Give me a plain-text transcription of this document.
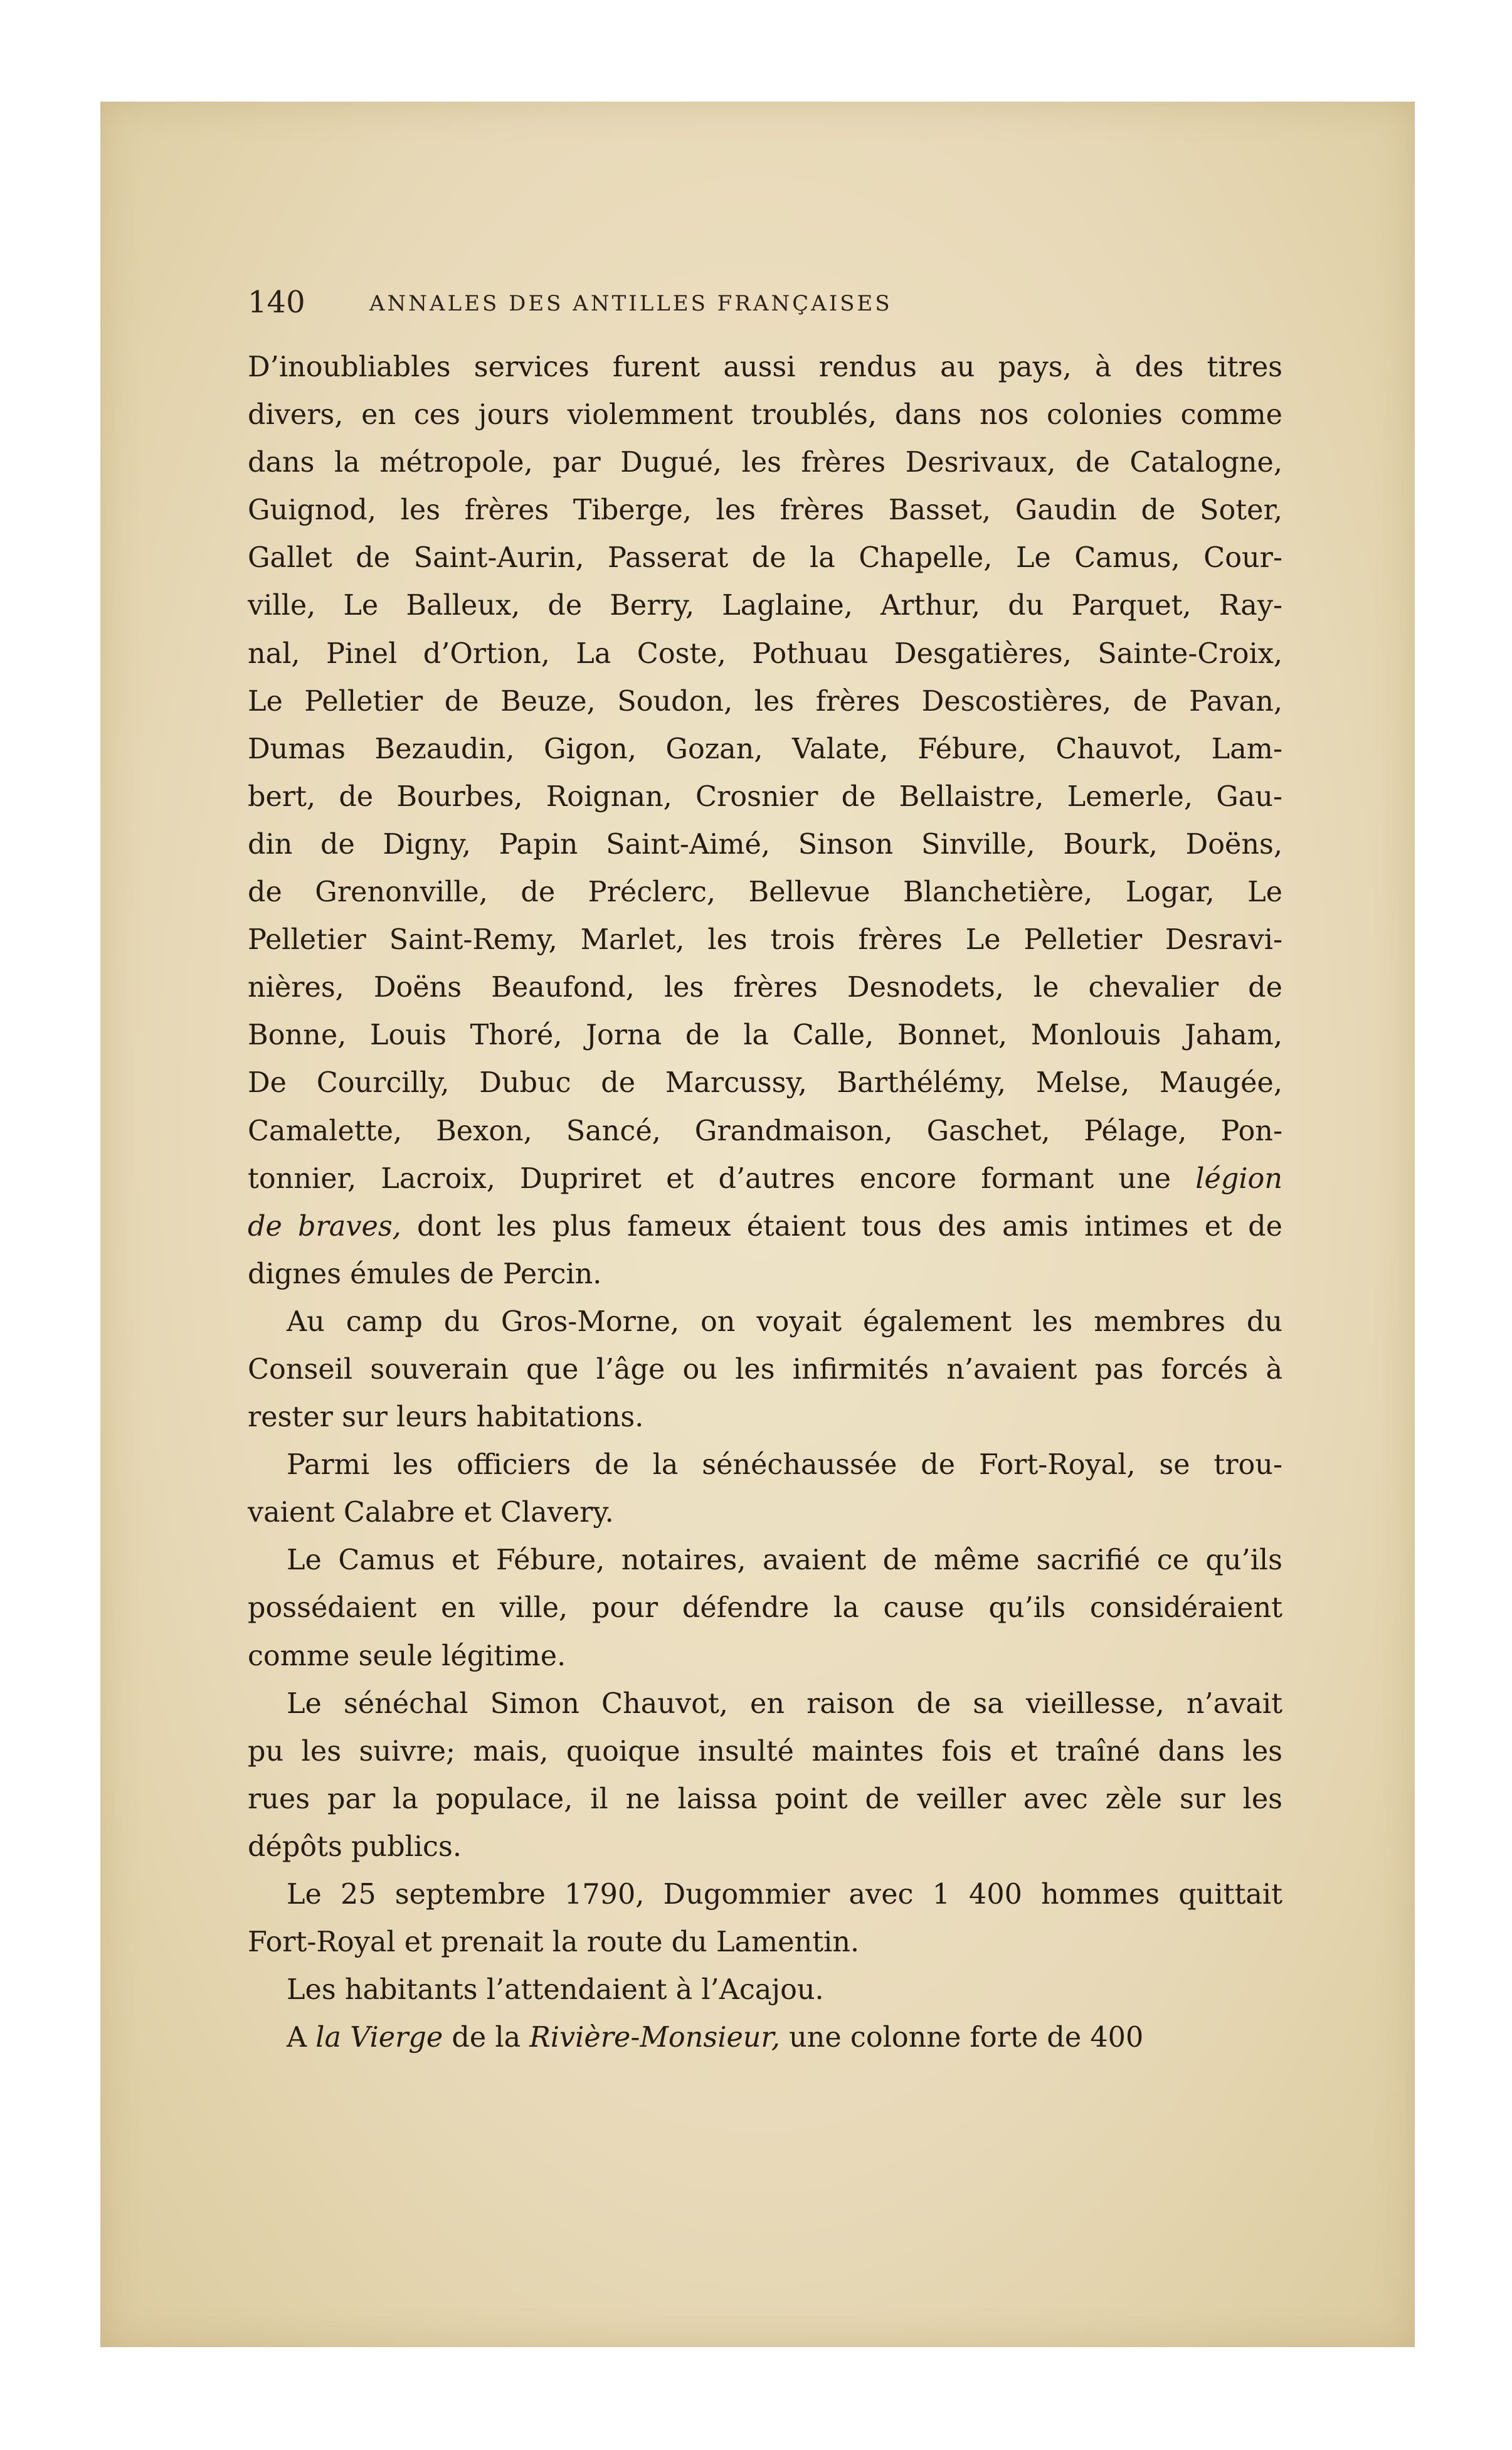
140	ANNALES DES ANTILLES FRANÇAISES
D’inoubliables services furent aussi rendus au pays, à des titres
divers, en ces jours violemment troublés, dans nos colonies comme
dans la métropole, par Dugué, les frères Desrivaux, de Catalogne,
Guignod, les frères Tiberge, les frères Basset, Gaudin de Soter,
Gallet de Saint-Aurin, Passerat de la Chapelle, Le Camus, Cour-
ville, Le Balleux, de Berry, Laglaine, Arthur, du Parquet, Ray-
nal, Pinel d’Ortion, La Coste, Pothuau Desgatières, Sainte-Croix,
Le Pelletier de Beuze, Soudon, les frères Descostières, de Pavan,
Dumas Bezaudin, Gigon, Gozan, Valate, Fébure, Chauvot, Lam-
bert, de Bourbes, Roignan, Crosnier de Bellaistre, Lemerle, Gau-
din de Digny, Papin Saint-Aimé, Sinson Sinville, Bourk, Doëns,
de Grenonville, de Préclerc, Bellevue Blanchetière, Logar, Le
Pelletier Saint-Remy, Marlet, les trois frères Le Pelletier Desravi-
nières, Doëns Beaufond, les frères Desnodets, le chevalier de
Bonne, Louis Thoré, Jorna de la Calle, Bonnet, Monlouis Jaham,
De Courcilly, Dubuc de Marcussy, Barthélémy, Melse, Maugée,
Camalette, Bexon, Sancé, Grandmaison, Gaschet, Pélage, Pon-
tonnier, Lacroix, Dupriret et d’autres encore formant une légion
de braves, dont les plus fameux étaient tous des amis intimes et de
dignes émules de Percin.
Au camp du Gros-Morne, on voyait également les membres du
Conseil souverain que l’âge ou les infirmités n’avaient pas forcés à
rester sur leurs habitations.
Parmi les officiers de la sénéchaussée de Fort-Royal, se trou-
vaient Calabre et Clavery.
Le Camus et Fébure, notaires, avaient de même sacrifié ce qu’ils
possédaient en ville, pour défendre la cause qu’ils considéraient
comme seule légitime.
Le sénéchal Simon Chauvot, en raison de sa vieillesse, n’avait
pu les suivre; mais, quoique insulté maintes fois et traîné dans les
rues par la populace, il ne laissa point de veiller avec zèle sur les
dépôts publics.
Le 25 septembre 1790, Dugommier avec 1 400 hommes quittait
Fort-Royal et prenait la route du Lamentin.
Les habitants l’attendaient à l’Acajou.
A la Vierge de la Rivière-Monsieur, une colonne forte de 400
